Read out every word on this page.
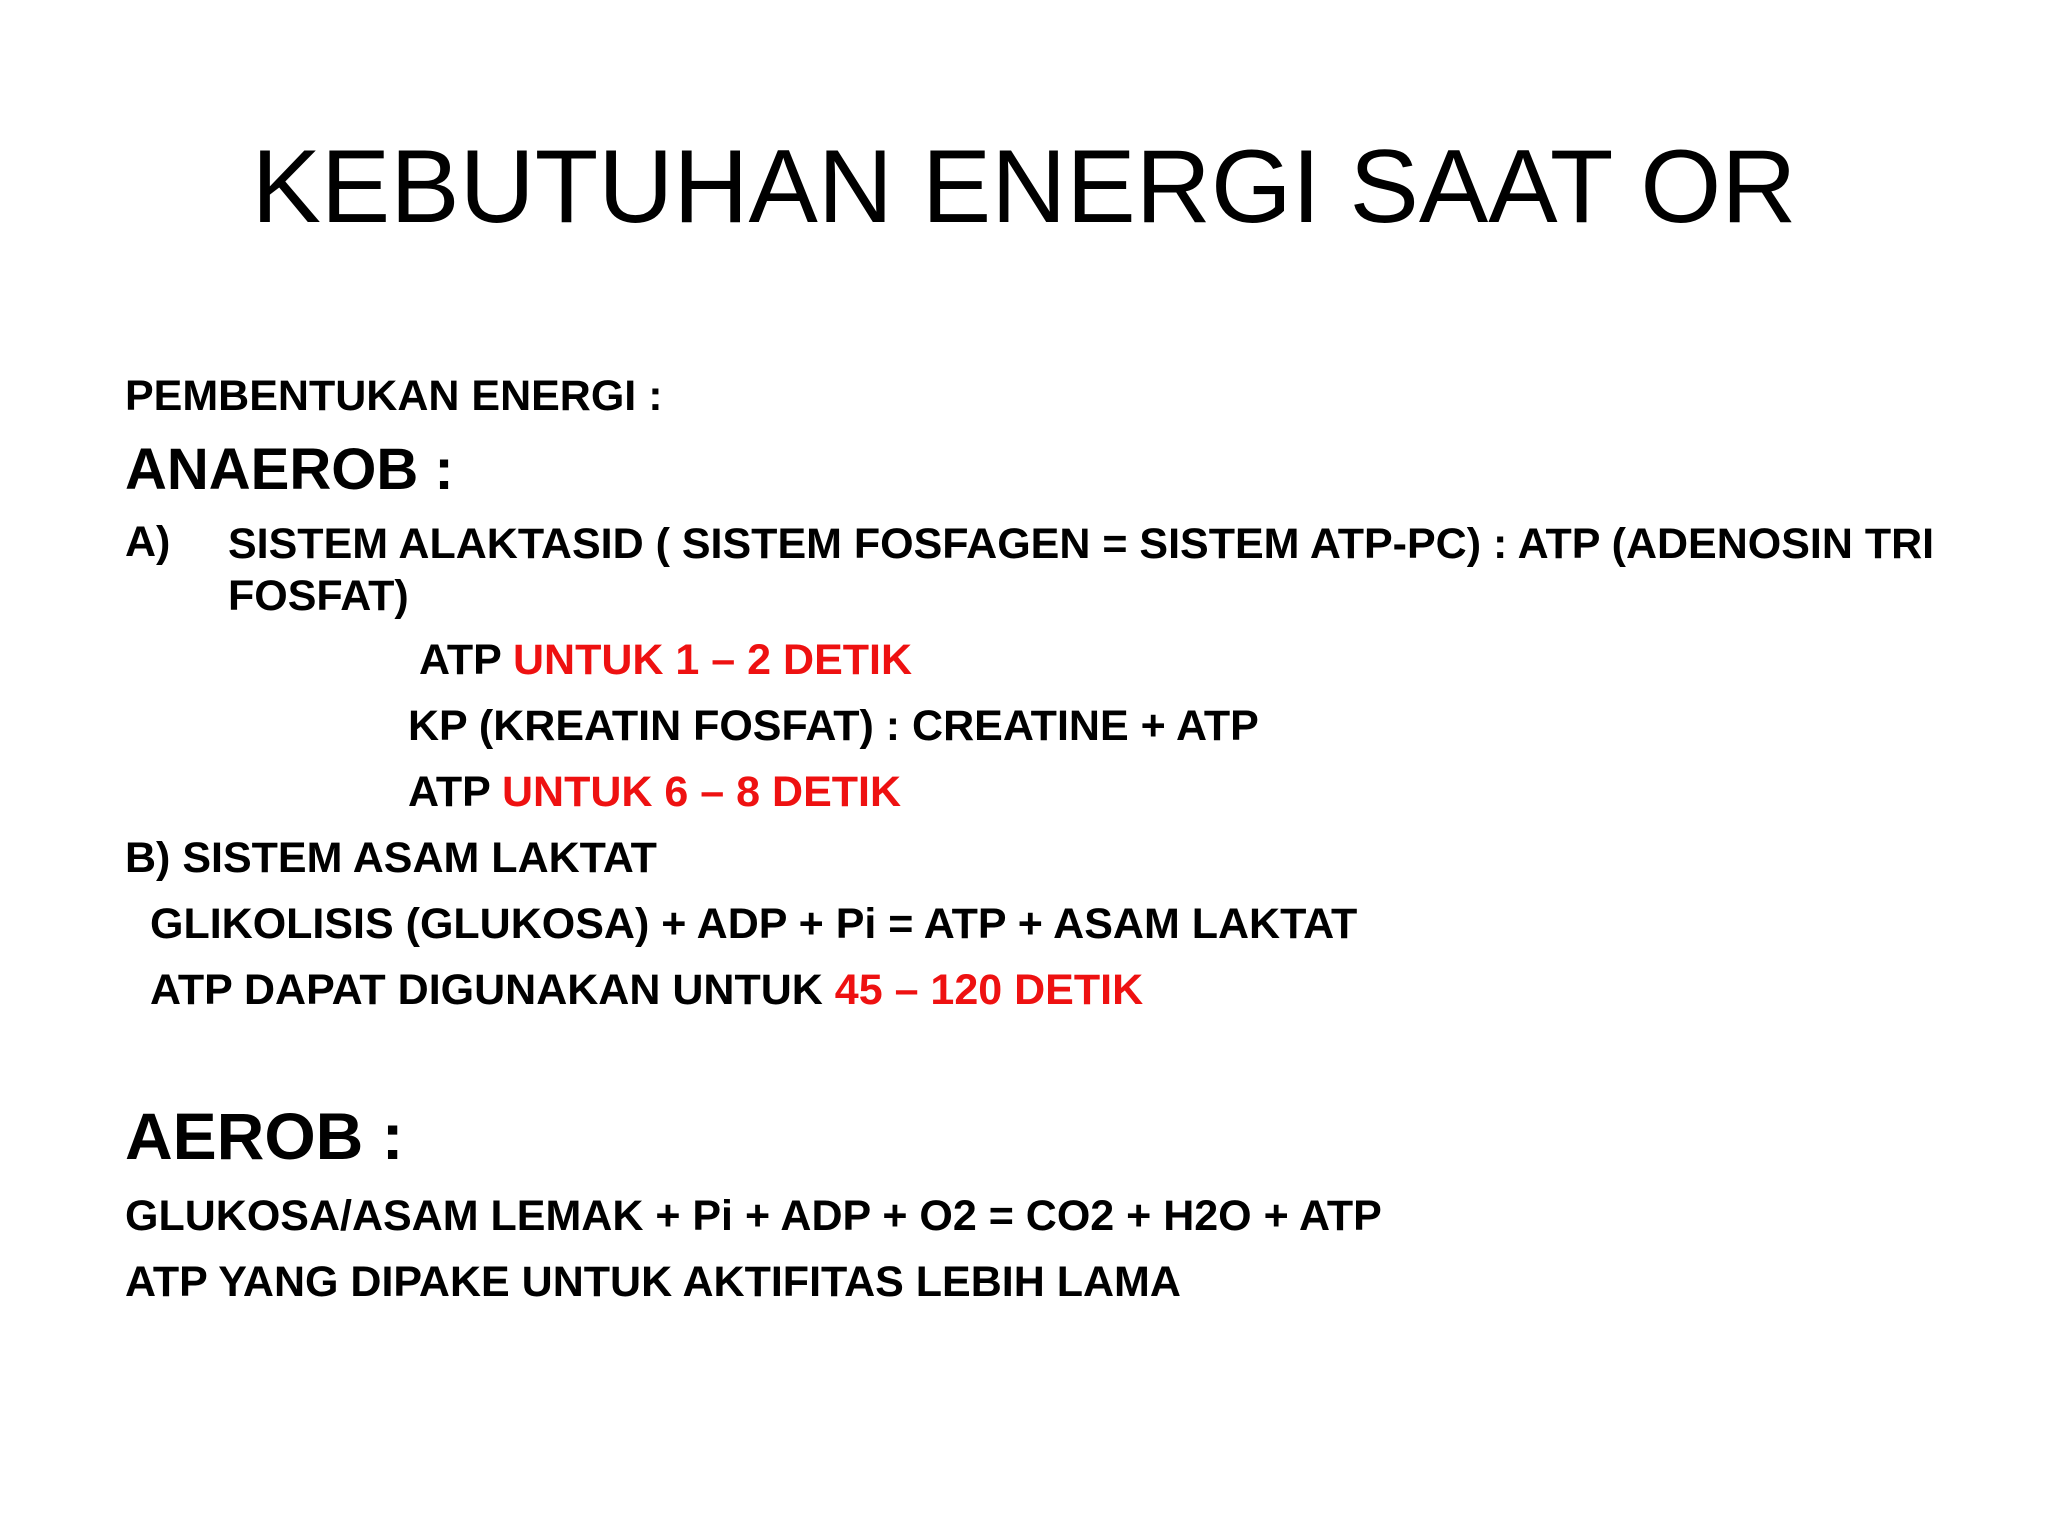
KEBUTUHAN ENERGI SAAT OR
PEMBENTUKAN ENERGI :
ANAEROB :
A) SISTEM ALAKTASID ( SISTEM FOSFAGEN = SISTEM ATP-PC) : ATP (ADENOSIN TRI FOSFAT)
ATP UNTUK 1 – 2 DETIK
KP (KREATIN FOSFAT) : CREATINE + ATP
ATP UNTUK 6 – 8 DETIK
B) SISTEM ASAM LAKTAT
GLIKOLISIS (GLUKOSA) + ADP + Pi = ATP + ASAM LAKTAT
ATP DAPAT DIGUNAKAN UNTUK 45 – 120 DETIK
AEROB :
GLUKOSA/ASAM LEMAK + Pi + ADP + O2 = CO2 + H2O + ATP
ATP YANG DIPAKE UNTUK AKTIFITAS LEBIH LAMA
